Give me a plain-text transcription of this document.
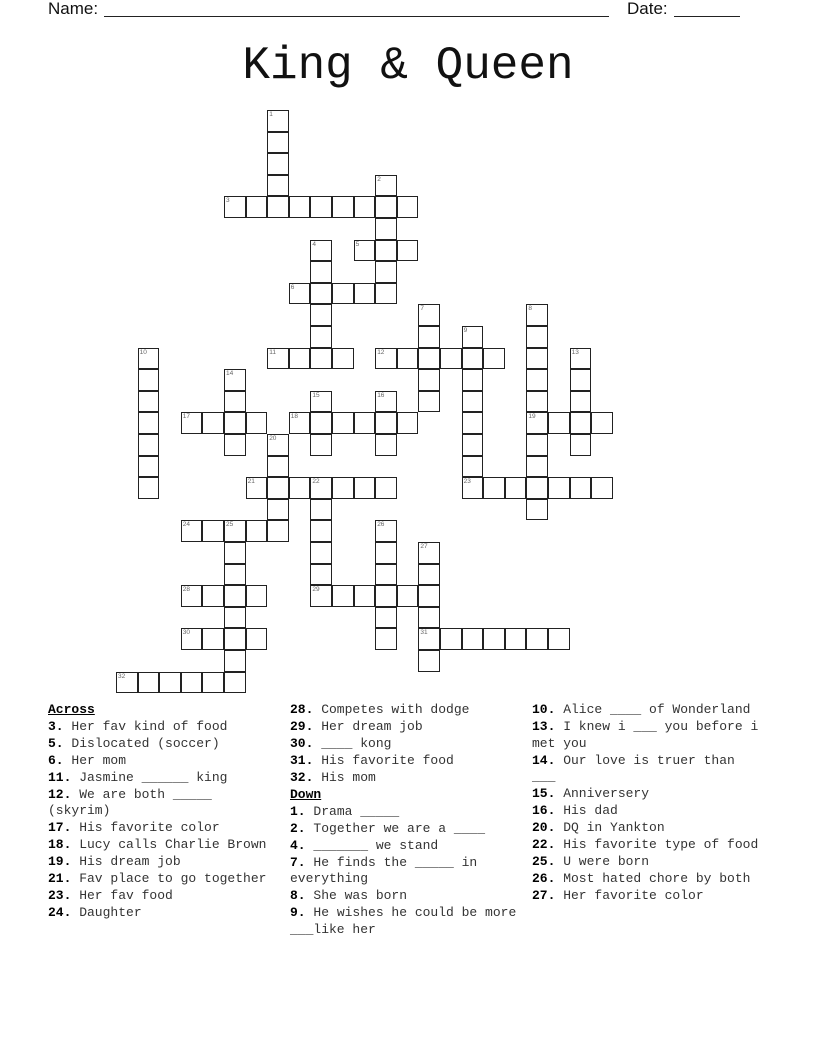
Name:	Date:
King & Queen
1
2
3
4	5
6
7	8
19
9
23
10	11	12	13
14
15	16
17	18
20
21	22
29
24	25	26
27
31
28
30
32
Across
3. Her fav kind of food
5. Dislocated (soccer)
6. Her mom
11. Jasmine ______ king
12. We are both _____ (skyrim)
17. His favorite color
18. Lucy calls Charlie Brown
19. His dream job
21. Fav place to go together
23. Her fav food
24. Daughter
28. Competes with dodge
29. Her dream job
30. ____ kong
31. His favorite food
32. His mom
Down
1. Drama _____
2. Together we are a ____
4. _______ we stand
7. He finds the _____ in everything
8. She was born
9. He wishes he could be more ___like her
10. Alice ____ of Wonderland
13. I knew i ___ you before i met you
14. Our love is truer than ___
15. Anniversery
16. His dad
20. DQ in Yankton
22. His favorite type of food
25. U were born
26. Most hated chore by both
27. Her favorite color
